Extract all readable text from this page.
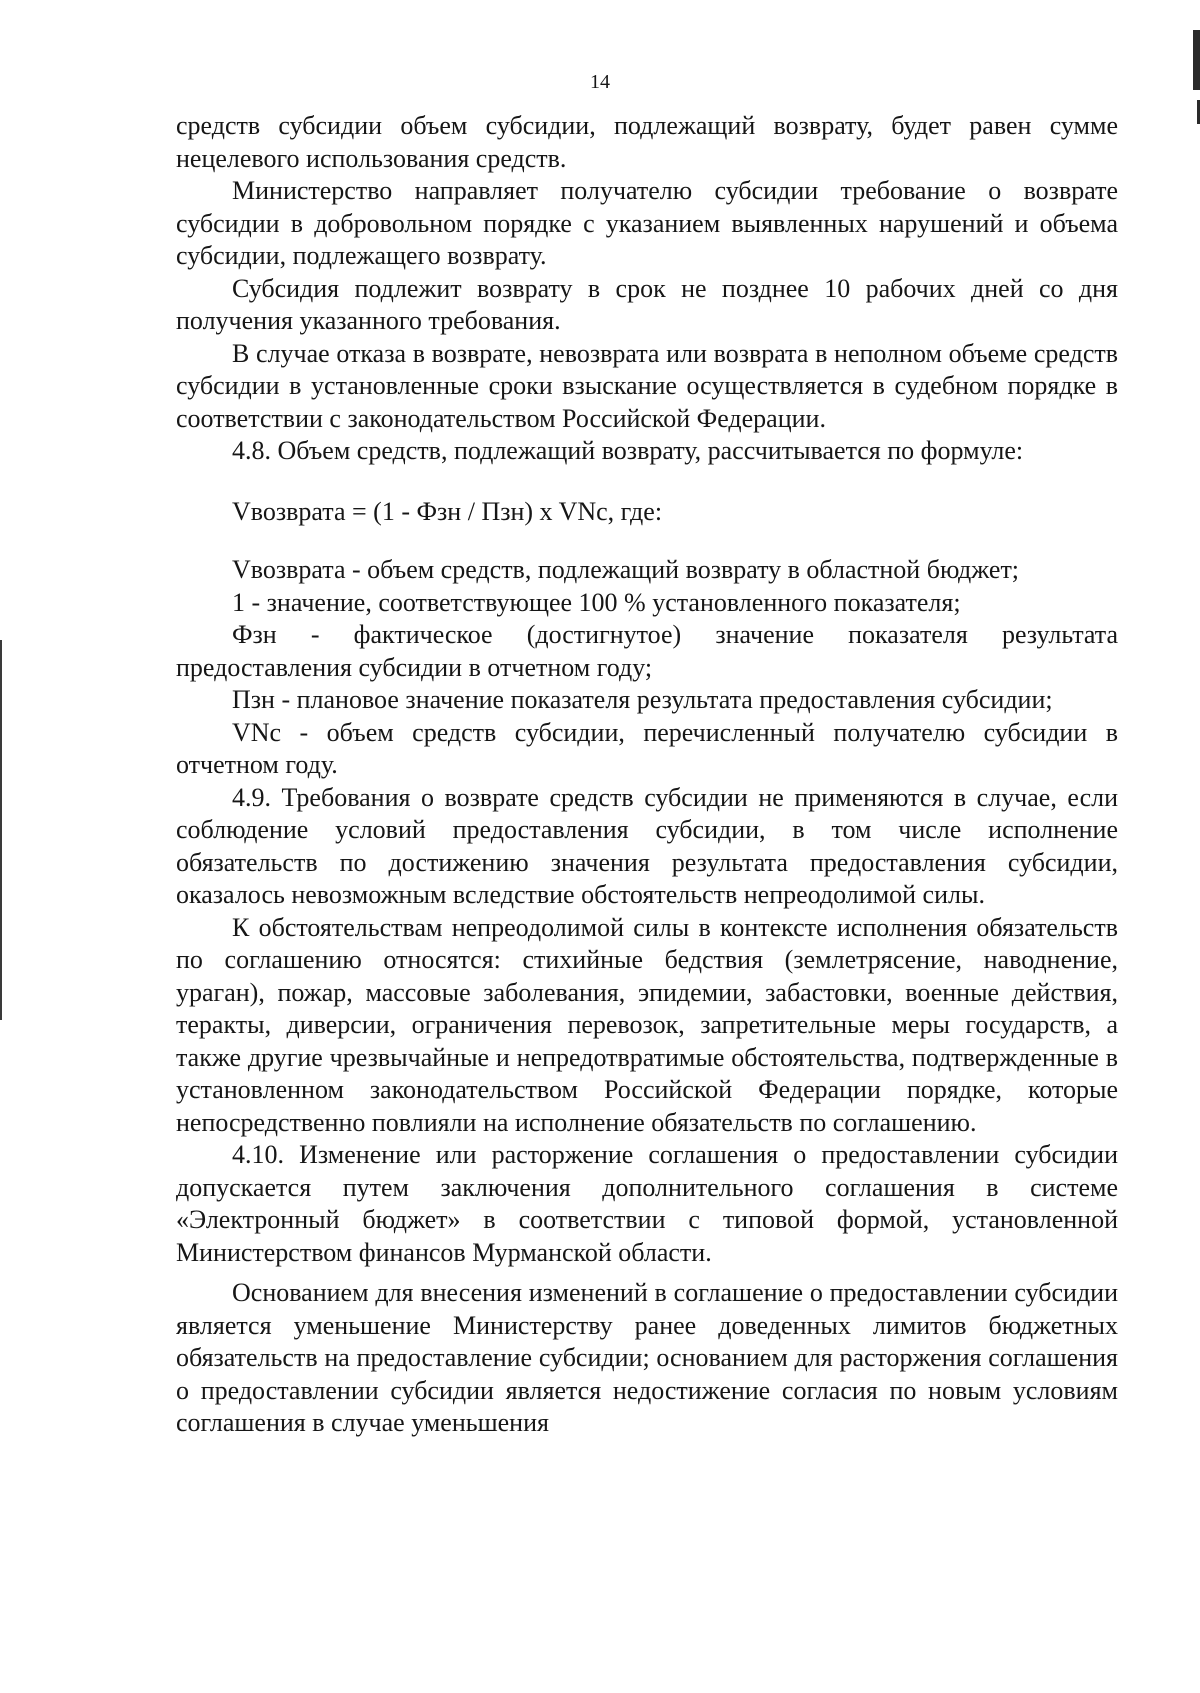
14

средств субсидии объем субсидии, подлежащий возврату, будет равен сумме нецелевого использования средств.

Министерство направляет получателю субсидии требование о возврате субсидии в добровольном порядке с указанием выявленных нарушений и объема субсидии, подлежащего возврату.

Субсидия подлежит возврату в срок не позднее 10 рабочих дней со дня получения указанного требования.

В случае отказа в возврате, невозврата или возврата в неполном объеме средств субсидии в установленные сроки взыскание осуществляется в судебном порядке в соответствии с законодательством Российской Федерации.

4.8. Объем средств, подлежащий возврату, рассчитывается по формуле:

Vвозврата = (1 - Фзн / Пзн) x VNc, где:

Vвозврата - объем средств, подлежащий возврату в областной бюджет;

1 - значение, соответствующее 100 % установленного показателя;

Фзн - фактическое (достигнутое) значение показателя результата предоставления субсидии в отчетном году;

Пзн - плановое значение показателя результата предоставления субсидии;

VNc - объем средств субсидии, перечисленный получателю субсидии в отчетном году.

4.9. Требования о возврате средств субсидии не применяются в случае, если соблюдение условий предоставления субсидии, в том числе исполнение обязательств по достижению значения результата предоставления субсидии, оказалось невозможным вследствие обстоятельств непреодолимой силы.

К обстоятельствам непреодолимой силы в контексте исполнения обязательств по соглашению относятся: стихийные бедствия (землетрясение, наводнение, ураган), пожар, массовые заболевания, эпидемии, забастовки, военные действия, теракты, диверсии, ограничения перевозок, запретительные меры государств, а также другие чрезвычайные и непредотвратимые обстоятельства, подтвержденные в установленном законодательством Российской Федерации порядке, которые непосредственно повлияли на исполнение обязательств по соглашению.

4.10. Изменение или расторжение соглашения о предоставлении субсидии допускается путем заключения дополнительного соглашения в системе «Электронный бюджет» в соответствии с типовой формой, установленной Министерством финансов Мурманской области.

Основанием для внесения изменений в соглашение о предоставлении субсидии является уменьшение Министерству ранее доведенных лимитов бюджетных обязательств на предоставление субсидии; основанием для расторжения соглашения о предоставлении субсидии является недостижение согласия по новым условиям соглашения в случае уменьшения
